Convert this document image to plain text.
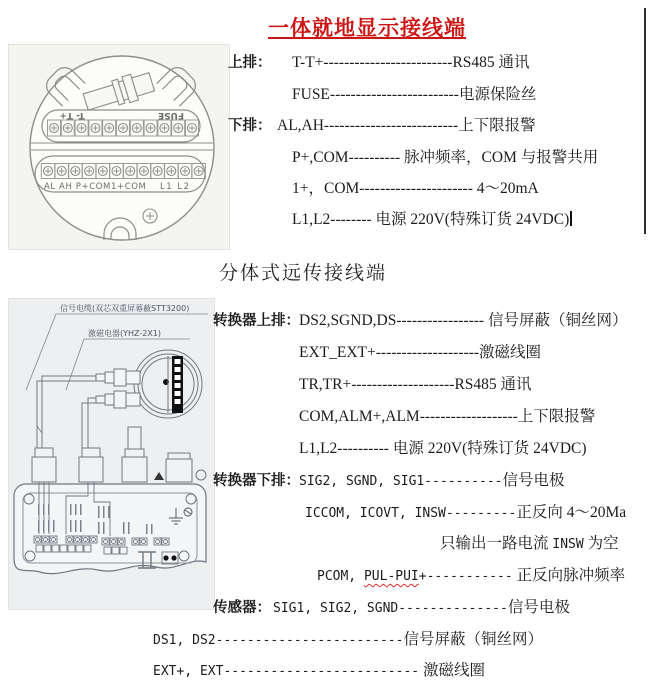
一体就地显示接线端
T- T+	FUSE
AL AH P+COM1+COM L1 L2
上排： T-T+-------------------------RS485 通讯
FUSE-------------------------电源保险丝
下排： AL,AH--------------------------上下限报警
P+,COM---------- 脉冲频率，COM 与报警共用
1+，COM---------------------- 4～20mA
L1,L2-------- 电源 220V(特殊订货 24VDC)
分体式远传接线端
信号电缆(双芯双重屏幕蔽STT3200)
激磁电器(YHZ-2X1)
转换器上排：DS2,SGND,DS----------------- 信号屏蔽（铜丝网）
EXT_EXT+--------------------激磁线圈
TR,TR+--------------------RS485 通讯
COM,ALM+,ALM-------------------上下限报警
L1,L2---------- 电源 220V(特殊订货 24VDC)
转换器下排：SIG2, SGND, SIG1----------信号电极
ICCOM, ICOVT, INSW---------正反向 4～20Ma
只输出一路电流 INSW 为空
PCOM, PUL-PUI+----------- 正反向脉冲频率
传感器： SIG1, SIG2, SGND--------------信号电极
DS1, DS2------------------------信号屏蔽（铜丝网）
EXT+, EXT------------------------- 激磁线圈
